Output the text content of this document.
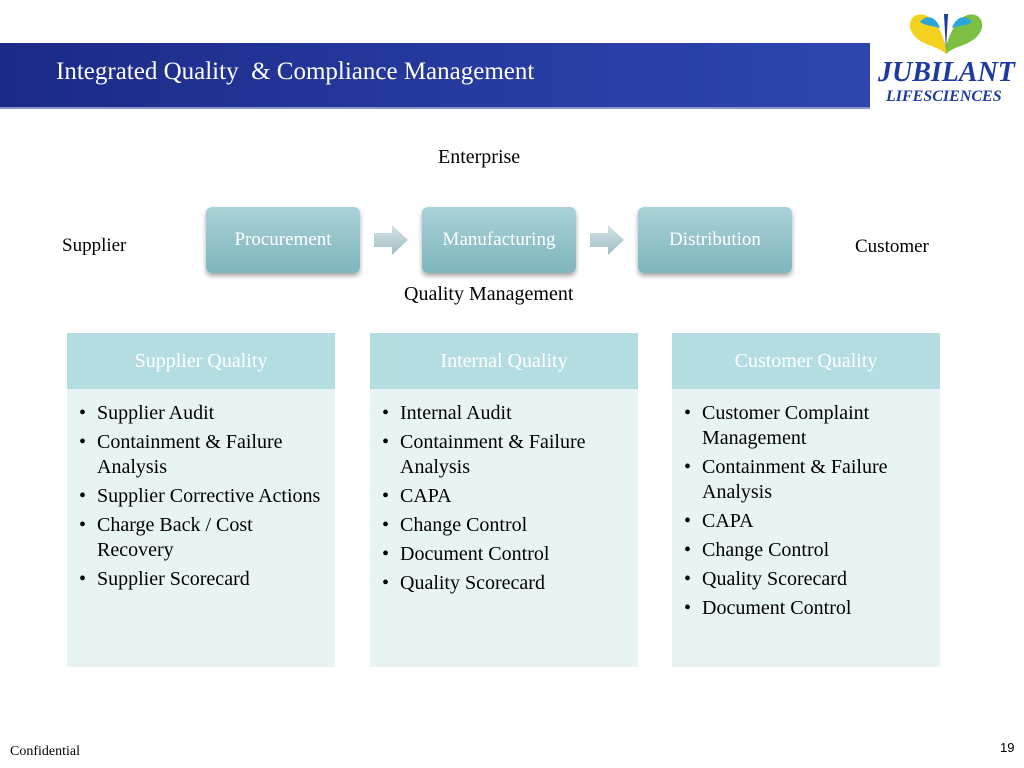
Integrated Quality  & Compliance Management	JUBILANT
LIFESCIENCES
Enterprise
Supplier	Customer
Quality Management
Procurement	Manufacturing	Distribution
Supplier Quality
• Supplier Audit
• Containment & Failure Analysis
• Supplier Corrective Actions
• Charge Back / Cost Recovery
• Supplier Scorecard
Internal Quality
• Internal Audit
• Containment & Failure Analysis
• CAPA
• Change Control
• Document Control
• Quality Scorecard
Customer Quality
• Customer Complaint Management
• Containment & Failure Analysis
• CAPA
• Change Control
• Quality Scorecard
• Document Control
Confidential	19
